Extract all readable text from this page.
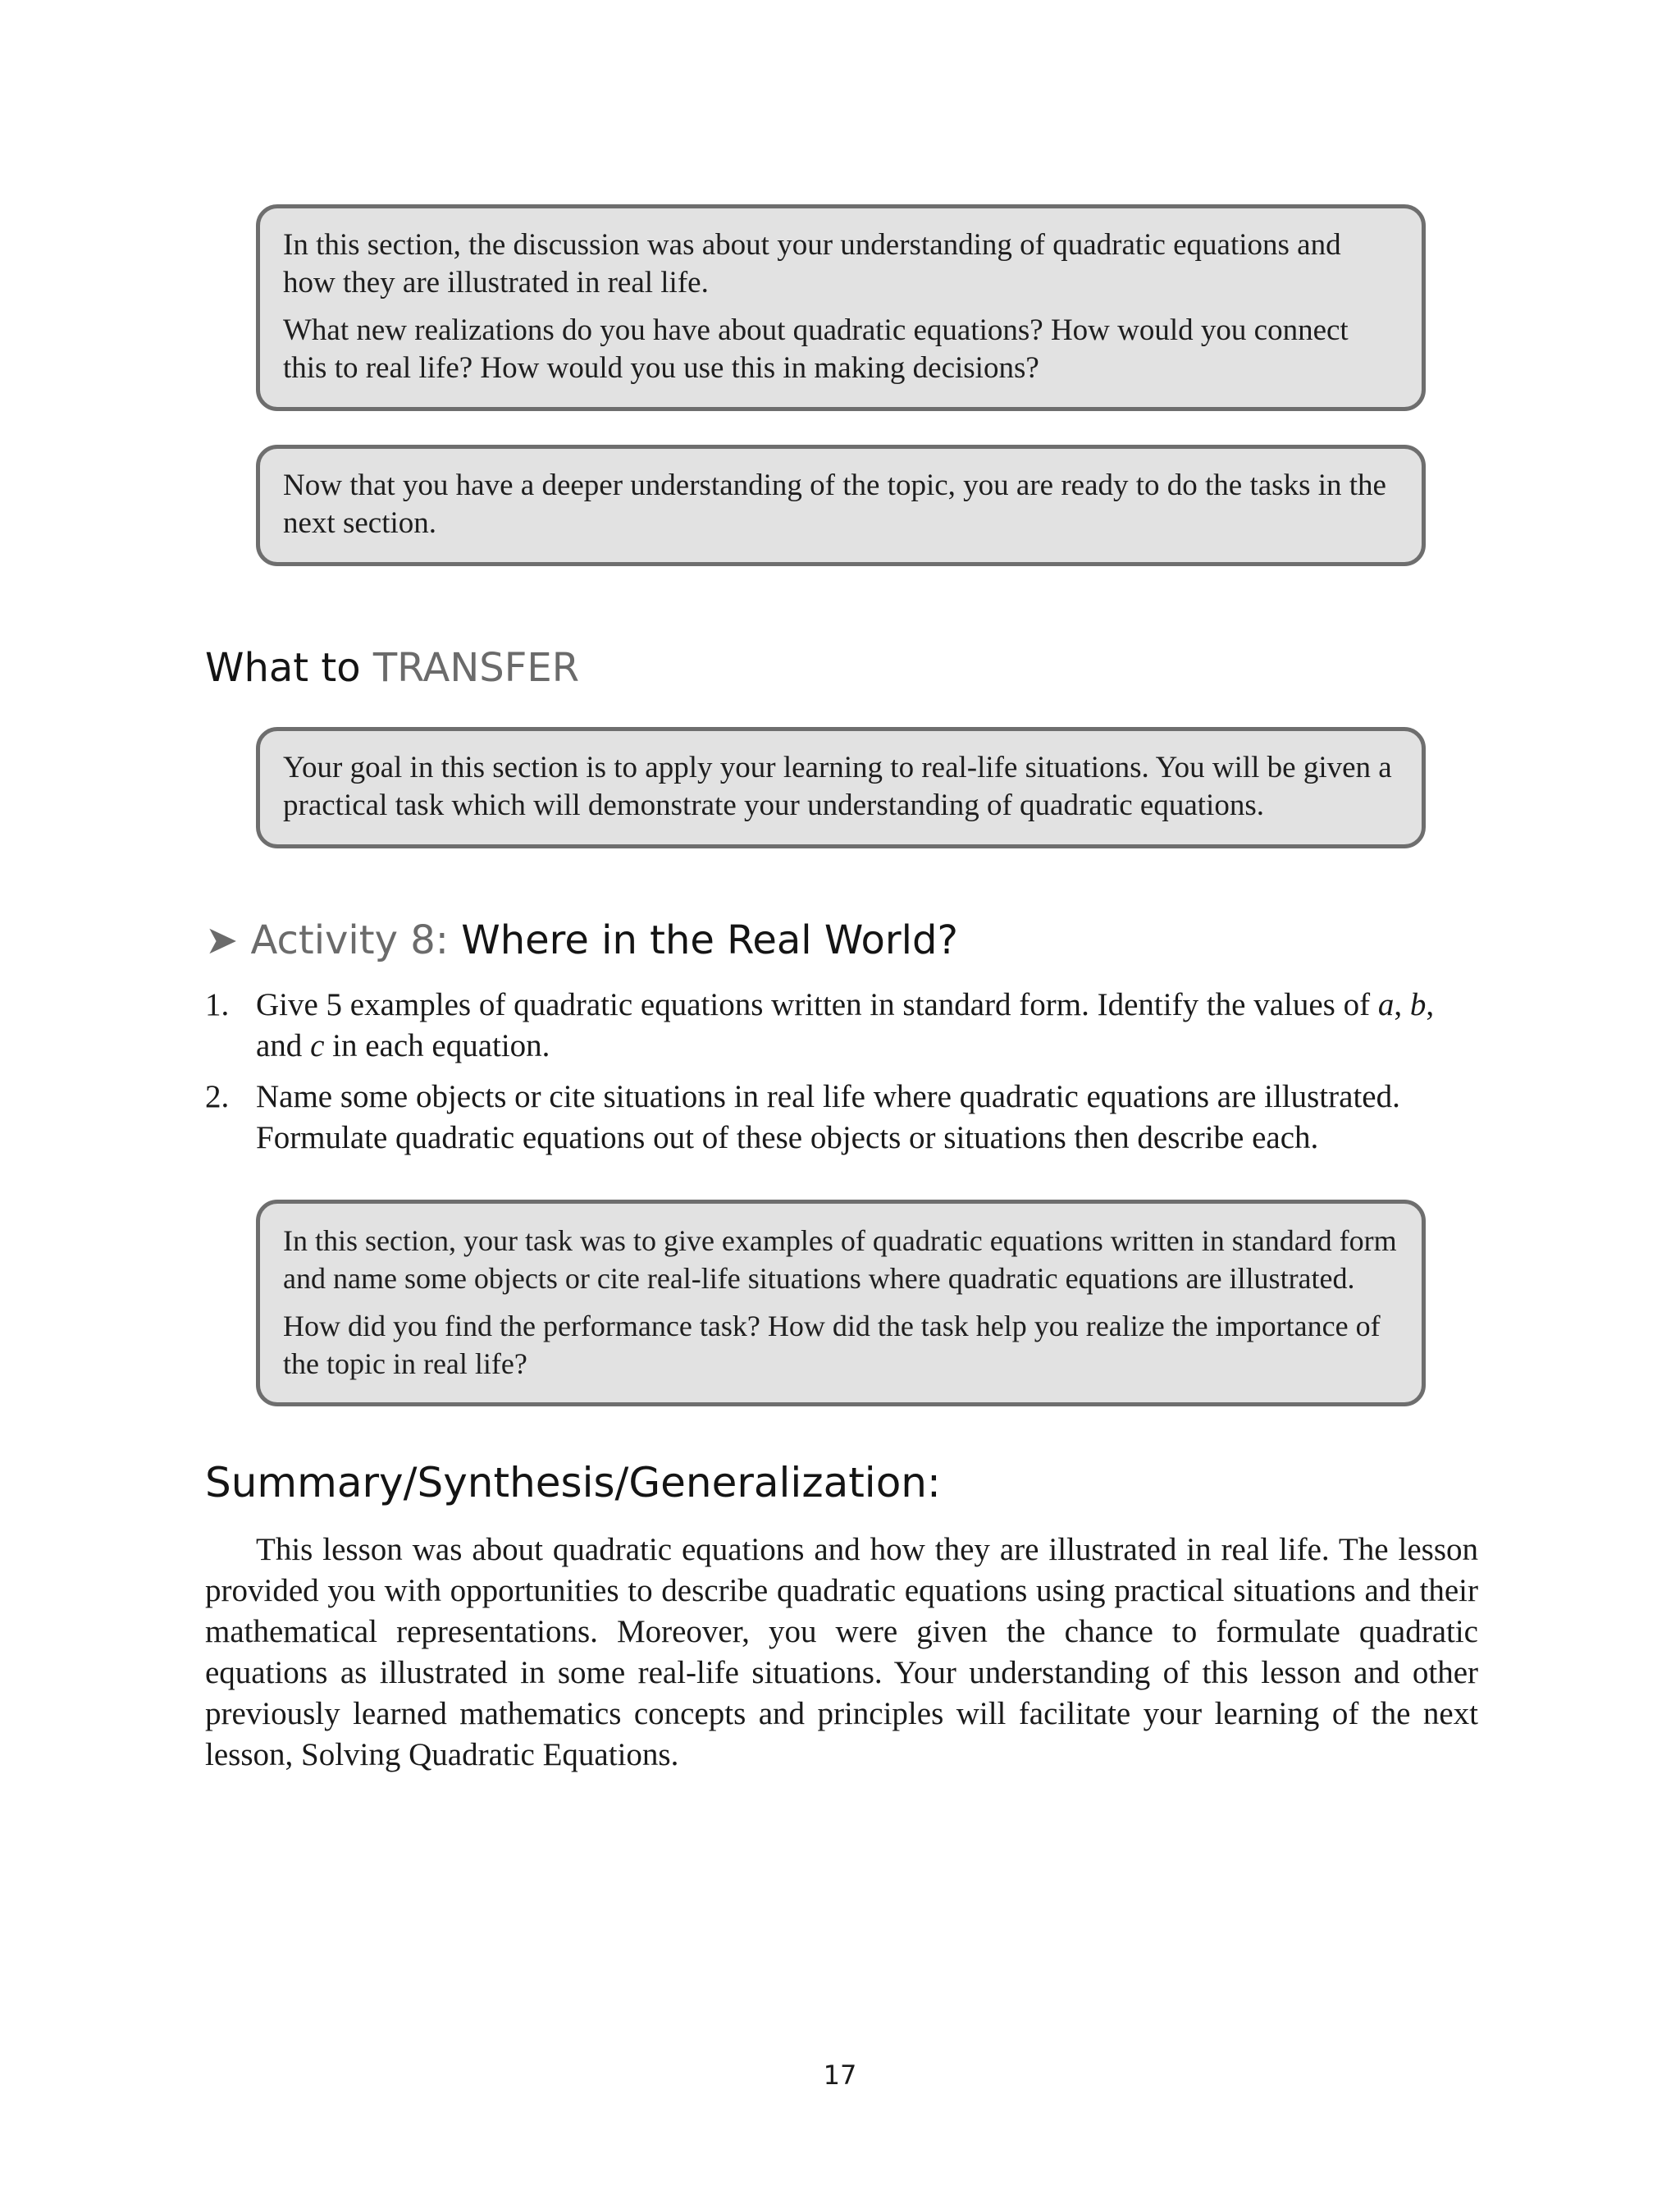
In this section, the discussion was about your understanding of quadratic equations and how they are illustrated in real life.

What new realizations do you have about quadratic equations? How would you connect this to real life? How would you use this in making decisions?

Now that you have a deeper understanding of the topic, you are ready to do the tasks in the next section.

What to TRANSFER

Your goal in this section is to apply your learning to real-life situations. You will be given a practical task which will demonstrate your understanding of quadratic equations.

➤ Activity 8: Where in the Real World?
1. Give 5 examples of quadratic equations written in standard form. Identify the values of a, b, and c in each equation.
2. Name some objects or cite situations in real life where quadratic equations are illustrated. Formulate quadratic equations out of these objects or situations then describe each.

In this section, your task was to give examples of quadratic equations written in standard form and name some objects or cite real-life situations where quadratic equations are illustrated.

How did you find the performance task? How did the task help you realize the importance of the topic in real life?

Summary/Synthesis/Generalization:

This lesson was about quadratic equations and how they are illustrated in real life. The lesson provided you with opportunities to describe quadratic equations using practical situations and their mathematical representations. Moreover, you were given the chance to formulate quadratic equations as illustrated in some real-life situations. Your understanding of this lesson and other previously learned mathematics concepts and principles will facilitate your learning of the next lesson, Solving Quadratic Equations.

17
